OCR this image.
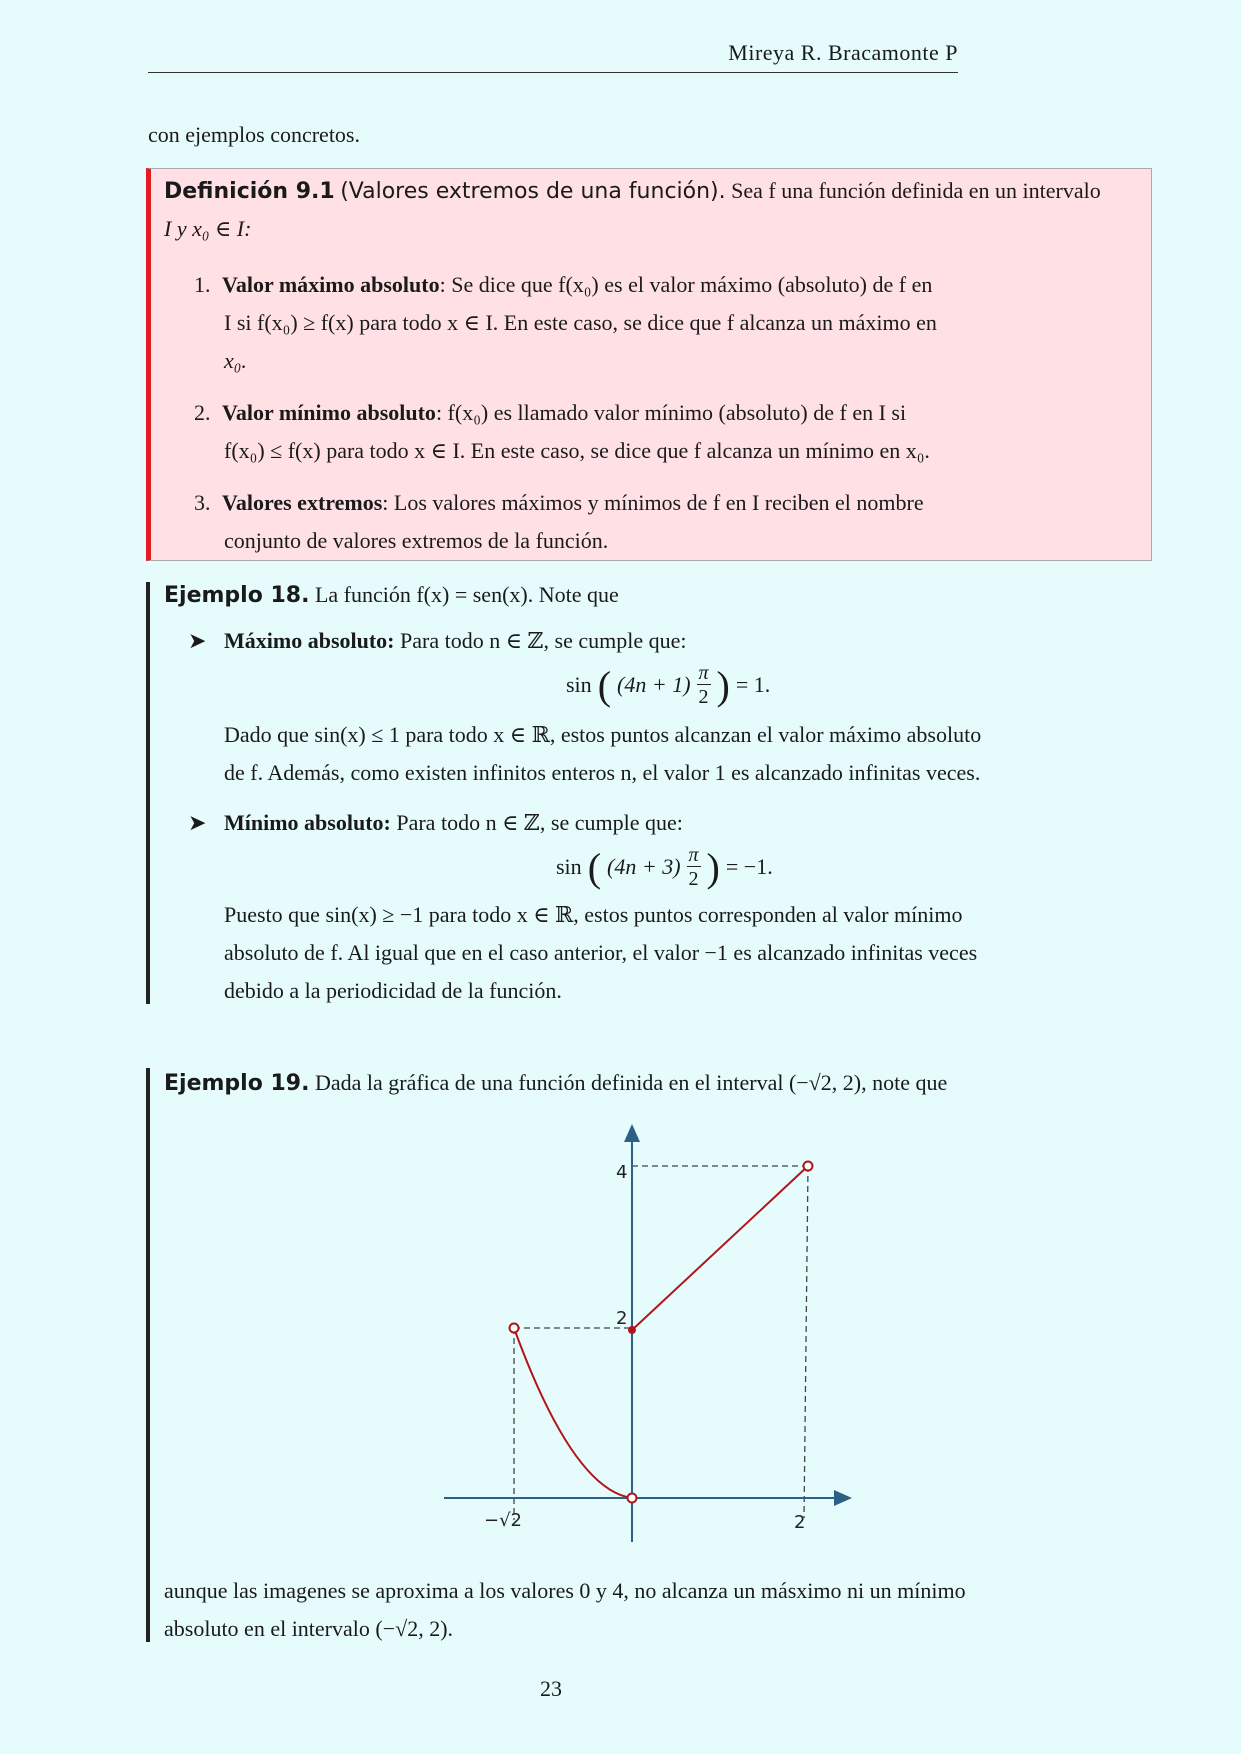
Mireya R. Bracamonte P
con ejemplos concretos.
Definición 9.1 (Valores extremos de una función). Sea f una función definida en un intervalo
I y x₀ ∈ I:
1. Valor máximo absoluto: Se dice que f(x₀) es el valor máximo (absoluto) de f en
I si f(x₀) ≥ f(x) para todo x ∈ I. En este caso, se dice que f alcanza un máximo en
x₀.
2. Valor mínimo absoluto: f(x₀) es llamado valor mínimo (absoluto) de f en I si
f(x₀) ≤ f(x) para todo x ∈ I. En este caso, se dice que f alcanza un mínimo en x₀.
3. Valores extremos: Los valores máximos y mínimos de f en I reciben el nombre
conjunto de valores extremos de la función.
Ejemplo 18. La función f(x) = sen(x). Note que
➤ Máximo absoluto: Para todo n ∈ ℤ, se cumple que:
sin ( $(4n + 1) \frac{\pi}{2}$ ) = 1.
Dado que sin(x) ≤ 1 para todo x ∈ ℝ, estos puntos alcanzan el valor máximo absoluto
de f. Además, como existen infinitos enteros n, el valor 1 es alcanzado infinitas veces.
➤ Mínimo absoluto: Para todo n ∈ ℤ, se cumple que:
sin ( $(4n + 3) \frac{\pi}{2}$ ) = −1.
Puesto que sin(x) ≥ −1 para todo x ∈ ℝ, estos puntos corresponden al valor mínimo
absoluto de f. Al igual que en el caso anterior, el valor −1 es alcanzado infinitas veces
debido a la periodicidad de la función.
Ejemplo 19. Dada la gráfica de una función definida en el interval (−√2, 2), note que
4
2
−√2	2
aunque las imagenes se aproxima a los valores 0 y 4, no alcanza un másximo ni un mínimo
absoluto en el intervalo (−√2, 2).
23
